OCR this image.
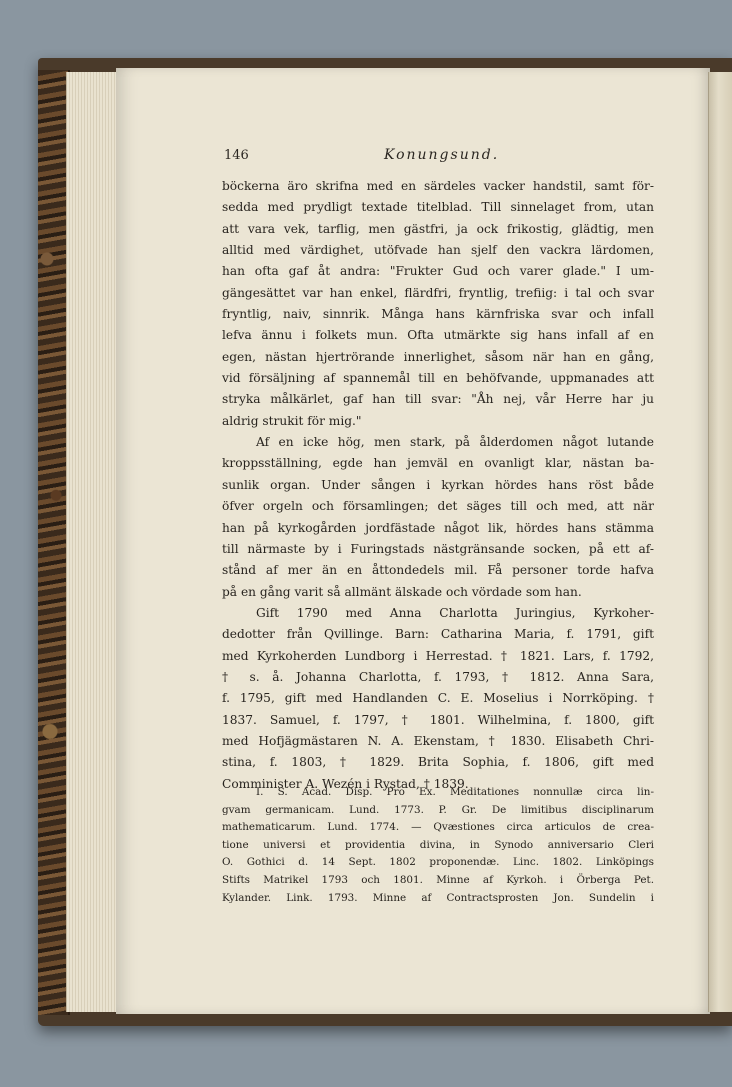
146	Konungsund.
böckerna äro skrifna med en särdeles vacker handstil, samt för-
sedda med prydligt textade titelblad. Till sinnelaget from, utan
att vara vek, tarflig, men gästfri, ja ock frikostig, glädtig, men
alltid med värdighet, utöfvade han sjelf den vackra lärdomen,
han ofta gaf åt andra: "Frukter Gud och varer glade." I um-
gängesättet var han enkel, flärdfri, fryntlig, trefiig: i tal och svar
fryntlig, naiv, sinnrik. Många hans kärnfriska svar och infall
lefva ännu i folkets mun. Ofta utmärkte sig hans infall af en
egen, nästan hjertrörande innerlighet, såsom när han en gång,
vid försäljning af spannemål till en behöfvande, uppmanades att
stryka målkärlet, gaf han till svar: "Åh nej, vår Herre har ju
aldrig strukit för mig."
Af en icke hög, men stark, på ålderdomen något lutande
kroppsställning, egde han jemväl en ovanligt klar, nästan ba-
sunlik organ. Under sången i kyrkan hördes hans röst både
öfver orgeln och församlingen; det säges till och med, att när
han på kyrkogården jordfästade något lik, hördes hans stämma
till närmaste by i Furingstads nästgränsande socken, på ett af-
stånd af mer än en åttondedels mil. Få personer torde hafva
på en gång varit så allmänt älskade och vördade som han.
Gift 1790 med Anna Charlotta Juringius, Kyrkoher-
dedotter från Qvillinge. Barn: Catharina Maria, f. 1791, gift
med Kyrkoherden Lundborg i Herrestad. † 1821. Lars, f. 1792,
† s. å. Johanna Charlotta, f. 1793, † 1812. Anna Sara,
f. 1795, gift med Handlanden C. E. Moselius i Norrköping. †
1837. Samuel, f. 1797, † 1801. Wilhelmina, f. 1800, gift
med Hofjägmästaren N. A. Ekenstam, † 1830. Elisabeth Chri-
stina, f. 1803, † 1829. Brita Sophia, f. 1806, gift med
Comminister A. Wezén i Rystad, † 1839.
I. S. Acad. Disp. Pro Ex. Meditationes nonnullæ circa lin-
gvam germanicam. Lund. 1773. P. Gr. De limitibus disciplinarum
mathematicarum. Lund. 1774. — Qvæstiones circa articulos de crea-
tione universi et providentia divina, in Synodo anniversario Cleri
O. Gothici d. 14 Sept. 1802 proponendæ. Linc. 1802. Linköpings
Stifts Matrikel 1793 och 1801. Minne af Kyrkoh. i Örberga Pet.
Kylander. Link. 1793. Minne af Contractsprosten Jon. Sundelin i
